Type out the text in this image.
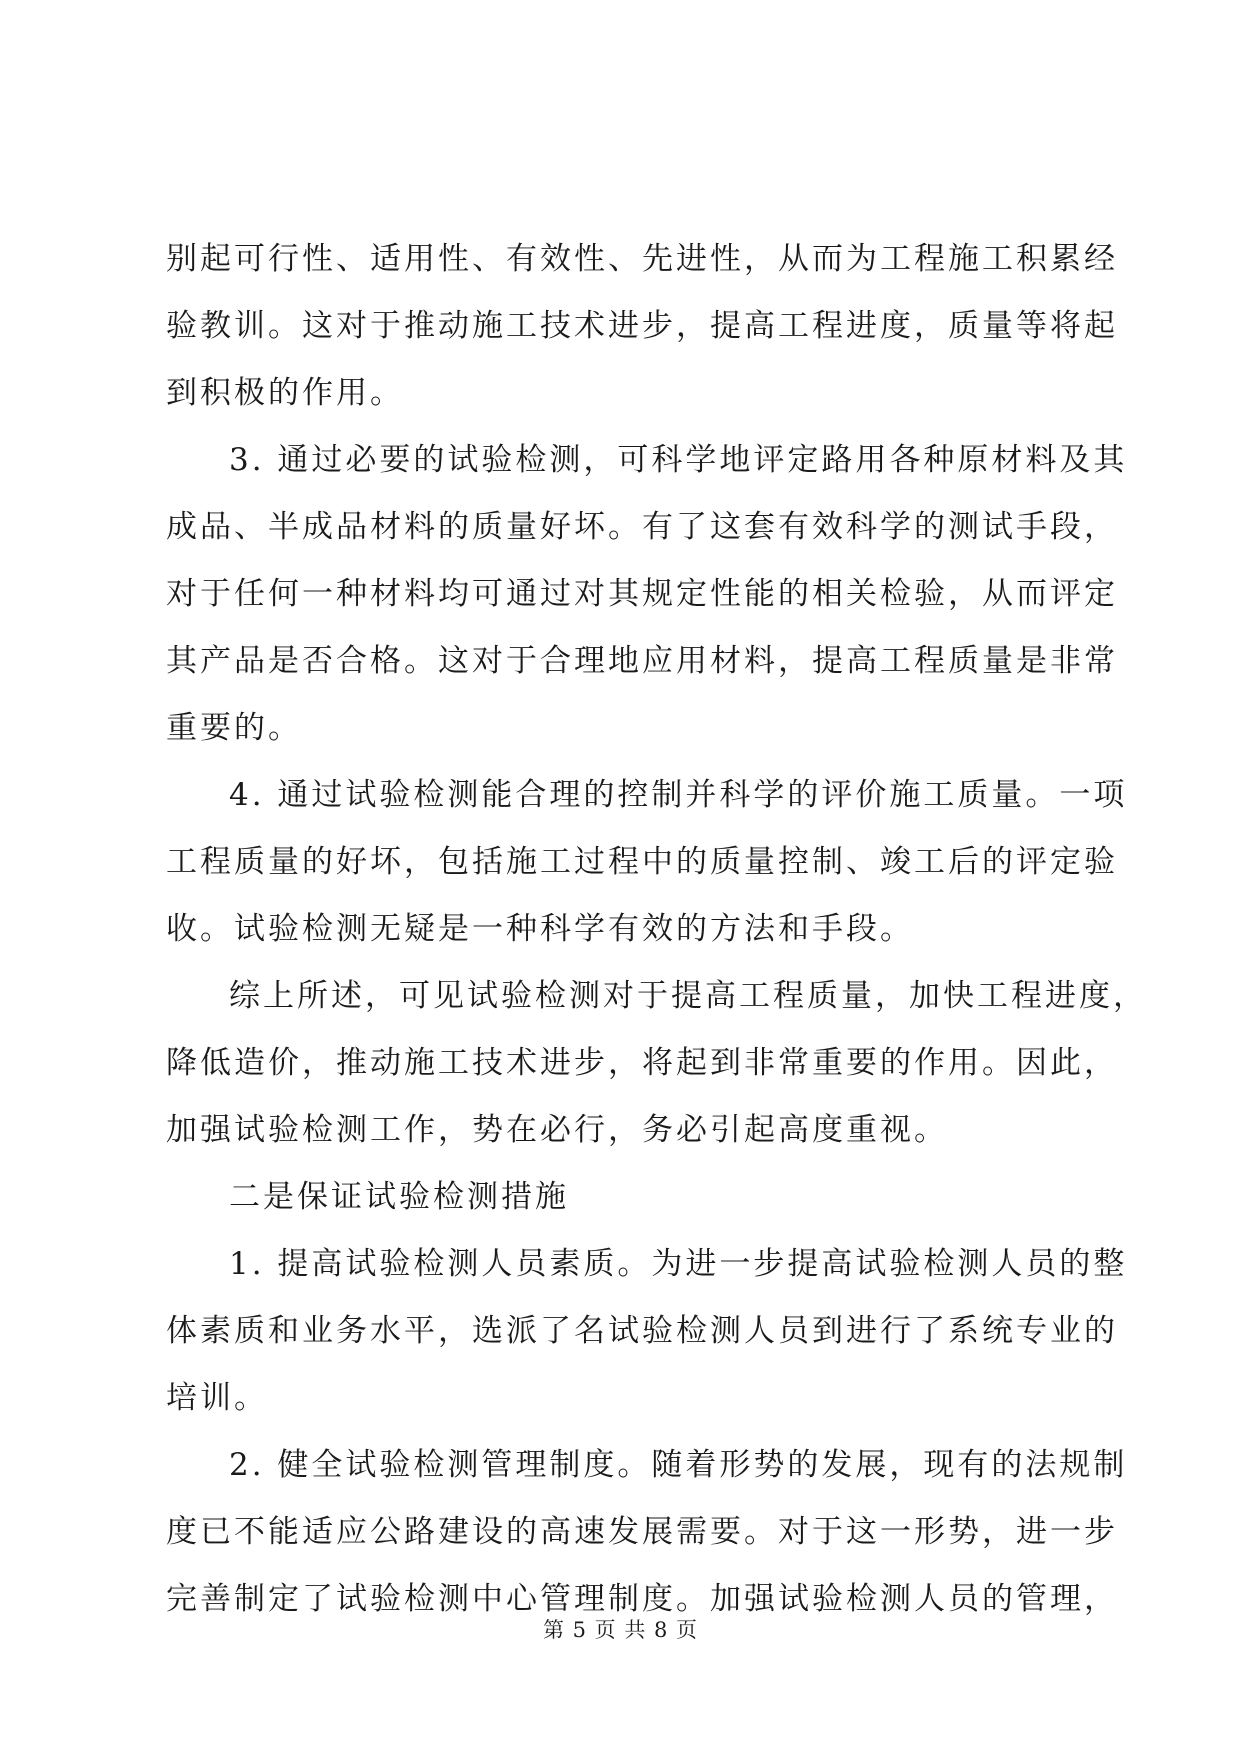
别起可行性、适用性、有效性、先进性，从而为工程施工积累经
验教训。这对于推动施工技术进步，提高工程进度，质量等将起
到积极的作用。
3. 通过必要的试验检测，可科学地评定路用各种原材料及其
成品、半成品材料的质量好坏。有了这套有效科学的测试手段，
对于任何一种材料均可通过对其规定性能的相关检验，从而评定
其产品是否合格。这对于合理地应用材料，提高工程质量是非常
重要的。
4. 通过试验检测能合理的控制并科学的评价施工质量。一项
工程质量的好坏，包括施工过程中的质量控制、竣工后的评定验
收。试验检测无疑是一种科学有效的方法和手段。
综上所述，可见试验检测对于提高工程质量，加快工程进度，
降低造价，推动施工技术进步，将起到非常重要的作用。因此，
加强试验检测工作，势在必行，务必引起高度重视。
二是保证试验检测措施
1. 提高试验检测人员素质。为进一步提高试验检测人员的整
体素质和业务水平，选派了名试验检测人员到进行了系统专业的
培训。
2. 健全试验检测管理制度。随着形势的发展，现有的法规制
度已不能适应公路建设的高速发展需要。对于这一形势，进一步
完善制定了试验检测中心管理制度。加强试验检测人员的管理，
第 5 页 共 8 页
